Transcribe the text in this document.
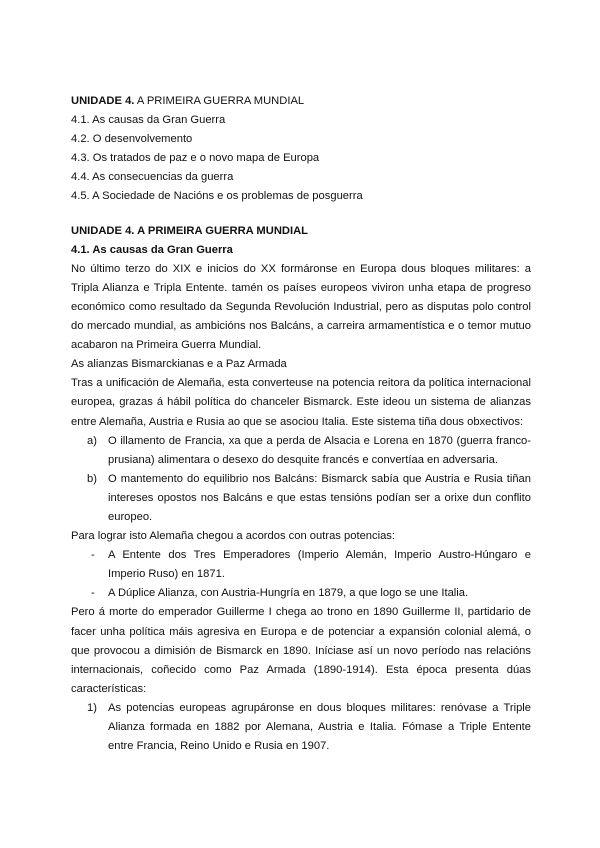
UNIDADE 4. A PRIMEIRA GUERRA MUNDIAL

4.1. As causas da Gran Guerra

4.2. O desenvolvemento

4.3. Os tratados de paz e o novo mapa de Europa

4.4. As consecuencias da guerra

4.5. A Sociedade de Nacións e os problemas de posguerra

UNIDADE 4. A PRIMEIRA GUERRA MUNDIAL

4.1. As causas da Gran Guerra

No último terzo do XIX e inicios do XX formáronse en Europa dous bloques militares: a Tripla Alianza e Tripla Entente. tamén os países europeos viviron unha etapa de progreso económico como resultado da Segunda Revolución Industrial, pero as disputas polo control do mercado mundial, as ambicións nos Balcáns, a carreira armamentística e o temor mutuo acabaron na Primeira Guerra Mundial.

As alianzas Bismarckianas e a Paz Armada

Tras a unificación de Alemaña, esta converteuse na potencia reitora da política internacional europea, grazas á hábil política do chanceler Bismarck. Este ideou un sistema de alianzas entre Alemaña, Austria e Rusia ao que se asociou Italia. Este sistema tiña dous obxectivos:

a) O illamento de Francia, xa que a perda de Alsacia e Lorena en 1870 (guerra franco-prusiana) alimentara o desexo do desquite francés e convertíaa en adversaria.
b) O mantemento do equilibrio nos Balcáns: Bismarck sabía que Austria e Rusia tiñan intereses opostos nos Balcáns e que estas tensións podían ser a orixe dun conflito europeo.

Para lograr isto Alemaña chegou a acordos con outras potencias:

- A Entente dos Tres Emperadores (Imperio Alemán, Imperio Austro-Húngaro e Imperio Ruso) en 1871.
- A Dúplice Alianza, con Austria-Hungría en 1879, a que logo se une Italia.

Pero á morte do emperador Guillerme I chega ao trono en 1890 Guillerme II, partidario de facer unha política máis agresiva en Europa e de potenciar a expansión colonial alemá, o que provocou a dimisión de Bismarck en 1890. Iníciase así un novo período nas relacións internacionais, coñecido como Paz Armada (1890-1914). Esta época presenta dúas características:

1) As potencias europeas agrupáronse en dous bloques militares: renóvase a Triple Alianza formada en 1882 por Alemana, Austria e Italia. Fómase a Triple Entente entre Francia, Reino Unido e Rusia en 1907.
